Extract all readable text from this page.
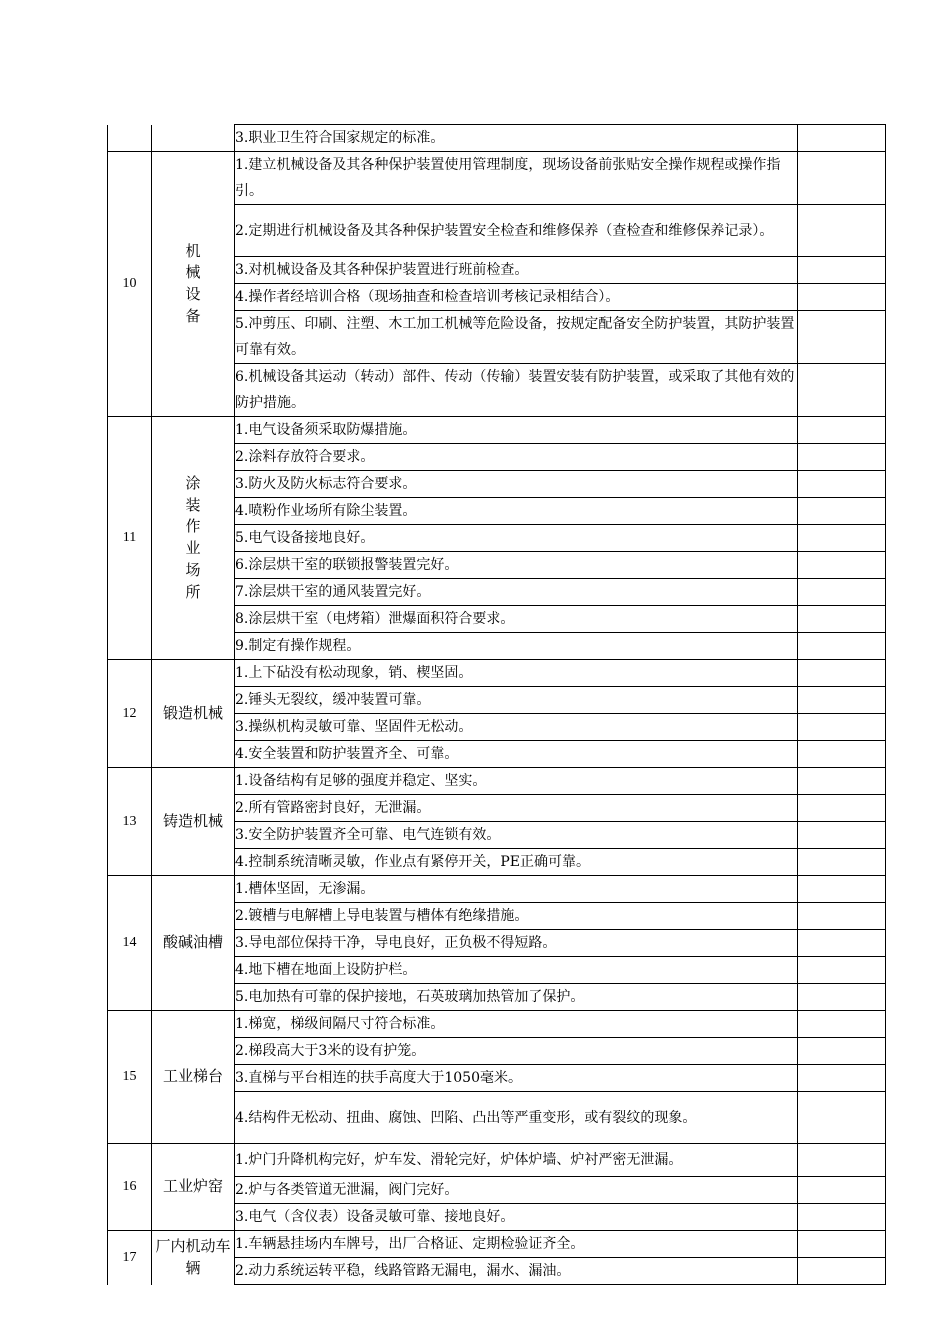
		3.职业卫生符合国家规定的标准。	
10	机械设备	1.建立机械设备及其各种保护装置使用管理制度，现场设备前张贴安全操作规程或操作指引。	
		2.定期进行机械设备及其各种保护装置安全检查和维修保养（查检查和维修保养记录）。	
		3.对机械设备及其各种保护装置进行班前检查。	
		4.操作者经培训合格（现场抽查和检查培训考核记录相结合）。	
		5.冲剪压、印刷、注塑、木工加工机械等危险设备，按规定配备安全防护装置，其防护装置可靠有效。	
		6.机械设备其运动（转动）部件、传动（传输）装置安装有防护装置，或采取了其他有效的防护措施。	
11	涂装作业场所	1.电气设备须采取防爆措施。	
		2.涂料存放符合要求。	
		3.防火及防火标志符合要求。	
		4.喷粉作业场所有除尘装置。	
		5.电气设备接地良好。	
		6.涂层烘干室的联锁报警装置完好。	
		7.涂层烘干室的通风装置完好。	
		8.涂层烘干室（电烤箱）泄爆面积符合要求。	
		9.制定有操作规程。	
12	锻造机械	1.上下砧没有松动现象，销、楔坚固。	
		2.锤头无裂纹，缓冲装置可靠。	
		3.操纵机构灵敏可靠、坚固件无松动。	
		4.安全装置和防护装置齐全、可靠。	
13	铸造机械	1.设备结构有足够的强度并稳定、坚实。	
		2.所有管路密封良好，无泄漏。	
		3.安全防护装置齐全可靠、电气连锁有效。	
		4.控制系统清晰灵敏，作业点有紧停开关，PE正确可靠。	
14	酸碱油槽	1.槽体坚固，无渗漏。	
		2.镀槽与电解槽上导电装置与槽体有绝缘措施。	
		3.导电部位保持干净，导电良好，正负极不得短路。	
		4.地下槽在地面上设防护栏。	
		5.电加热有可靠的保护接地，石英玻璃加热管加了保护。	
15	工业梯台	1.梯宽，梯级间隔尺寸符合标准。	
		2.梯段高大于3米的设有护笼。	
		3.直梯与平台相连的扶手高度大于1050毫米。	
		4.结构件无松动、扭曲、腐蚀、凹陷、凸出等严重变形，或有裂纹的现象。	
16	工业炉窑	1.炉门升降机构完好，炉车发、滑轮完好，炉体炉墙、炉衬严密无泄漏。	
		2.炉与各类管道无泄漏，阀门完好。	
		3.电气（含仪表）设备灵敏可靠、接地良好。	
17	厂内机动车辆	1.车辆悬挂场内车牌号，出厂合格证、定期检验证齐全。	
		2.动力系统运转平稳，线路管路无漏电，漏水、漏油。	
